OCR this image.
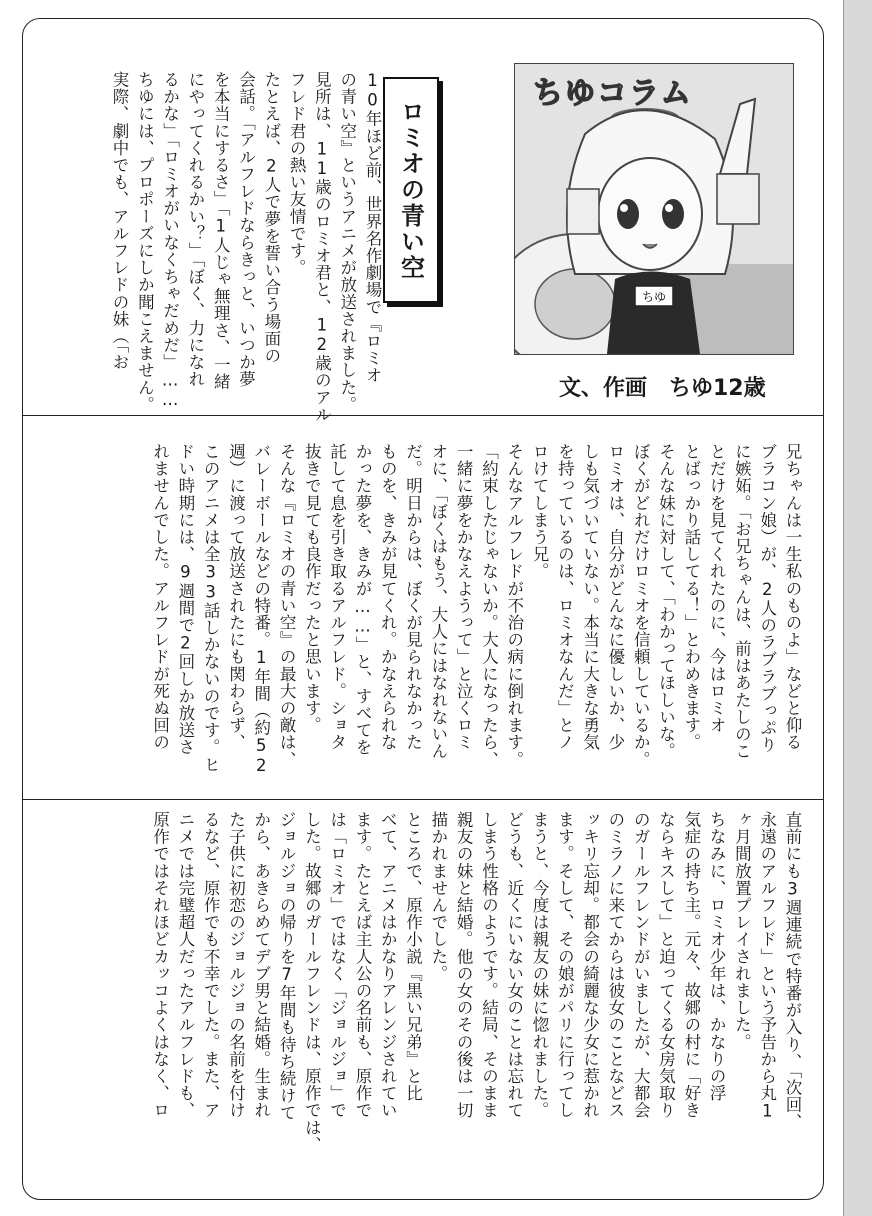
10年ほど前、世界名作劇場で『ロミオ

の青い空』というアニメが放送されました。

見所は、11歳のロミオ君と、12歳のアル

フレド君の熱い友情です。

たとえば、2人で夢を誓い合う場面の

会話。「アルフレドならきっと、いつか夢

を本当にするさ」「1人じゃ無理さ、一緒

にやってくれるかい？」「ぼく、力になれ

るかな」「ロミオがいなくちゃだめだ」……

ちゆには、プロポーズにしか聞こえません。

実際、劇中でも、アルフレドの妹（「お	ロミオの青い空
ちゆ
ちゆコラム
文、作画　ちゆ12歳

兄ちゃんは一生私のものよ」などと仰る

ブラコン娘）が、2人のラブラブっぷり

に嫉妬。「お兄ちゃんは、前はあたしのこ

とだけを見てくれたのに、今はロミオ

とばっかり話してる！」とわめきます。

そんな妹に対して、「わかってほしいな。

ぼくがどれだけロミオを信頼しているか。

ロミオは、自分がどんなに優しいか、少

しも気づいていない。本当に大きな勇気

を持っているのは、ロミオなんだ」とノ

ロけてしまう兄。

そんなアルフレドが不治の病に倒れます。

「約束したじゃないか。大人になったら、

一緒に夢をかなえようって」と泣くロミ

オに、「ぼくはもう、大人にはなれないん

だ。明日からは、ぼくが見られなかった

ものを、きみが見てくれ。かなえられな

かった夢を、きみが……」と、すべてを

託して息を引き取るアルフレド。ショタ

抜きで見ても良作だったと思います。

そんな『ロミオの青い空』の最大の敵は、

バレーボールなどの特番。1年間（約52

週）に渡って放送されたにも関わらず、

このアニメは全33話しかないのです。ヒ

ドい時期には、9週間で2回しか放送さ

れませんでした。アルフレドが死ぬ回の

直前にも3週連続で特番が入り、「次回、

永遠のアルフレド」という予告から丸1

ヶ月間放置プレイされました。

ちなみに、ロミオ少年は、かなりの浮

気症の持ち主。元々、故郷の村に「好き

ならキスして」と迫ってくる女房気取り

のガールフレンドがいましたが、大都会

のミラノに来てからは彼女のことなどス

ッキリ忘却。都会の綺麗な少女に惹かれ

ます。そして、その娘がパリに行ってし

まうと、今度は親友の妹に惚れました。

どうも、近くにいない女のことは忘れて

しまう性格のようです。結局、そのまま

親友の妹と結婚。他の女のその後は一切

描かれませんでした。

ところで、原作小説『黒い兄弟』と比

べて、アニメはかなりアレンジされてい

ます。たとえば主人公の名前も、原作で

は「ロミオ」ではなく「ジョルジョ」で

した。故郷のガールフレンドは、原作では、

ジョルジョの帰りを7年間も待ち続けて

から、あきらめてデブ男と結婚。生まれ

た子供に初恋のジョルジョの名前を付け

るなど、原作でも不幸でした。また、ア

ニメでは完璧超人だったアルフレドも、

原作ではそれほどカッコよくはなく、ロ
